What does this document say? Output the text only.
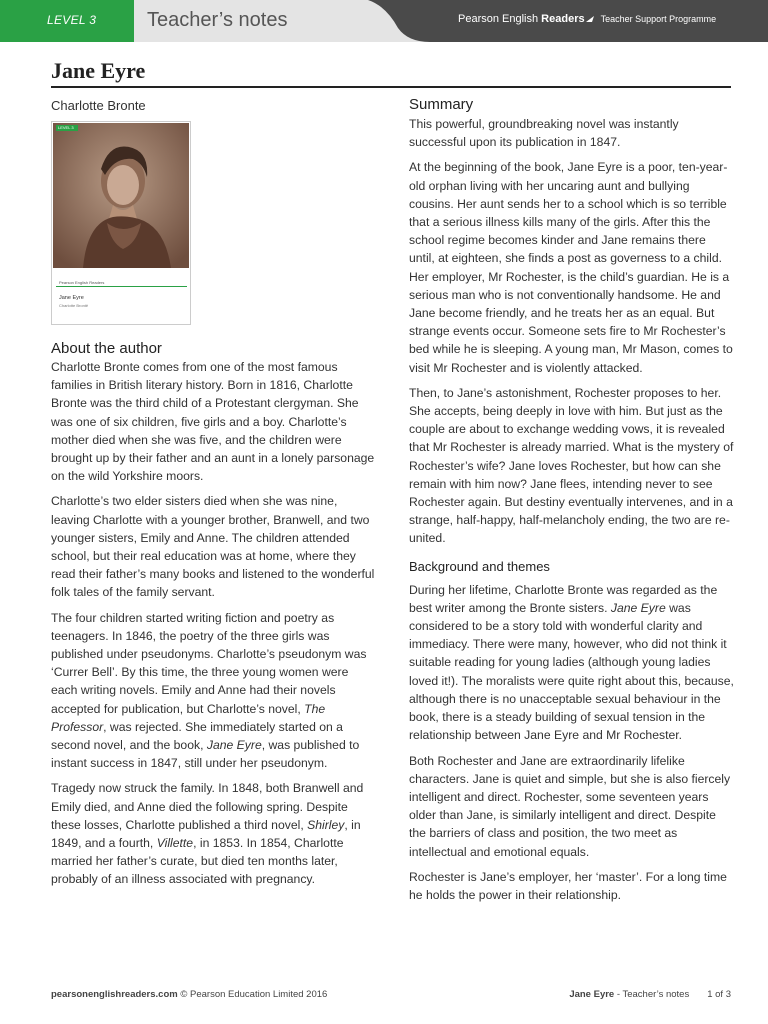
LEVEL 3	Teacher’s notes	Pearson English Readers Teacher Support Programme
Jane Eyre
Charlotte Bronte
LEVEL 3
Pearson English Readers
Jane Eyre
Charlotte Brontë
About the author

Charlotte Bronte comes from one of the most famous families in British literary history. Born in 1816, Charlotte Bronte was the third child of a Protestant clergyman. She was one of six children, five girls and a boy. Charlotte’s mother died when she was five, and the children were brought up by their father and an aunt in a lonely parsonage on the wild Yorkshire moors.

Charlotte’s two elder sisters died when she was nine, leaving Charlotte with a younger brother, Branwell, and two younger sisters, Emily and Anne. The children attended school, but their real education was at home, where they read their father’s many books and listened to the wonderful folk tales of the family servant.

The four children started writing fiction and poetry as teenagers. In 1846, the poetry of the three girls was published under pseudonyms. Charlotte’s pseudonym was ‘Currer Bell’. By this time, the three young women were each writing novels. Emily and Anne had their novels accepted for publication, but Charlotte’s novel, The Professor, was rejected. She immediately started on a second novel, and the book, Jane Eyre, was published to instant success in 1847, still under her pseudonym.

Tragedy now struck the family. In 1848, both Branwell and Emily died, and Anne died the following spring. Despite these losses, Charlotte published a third novel, Shirley, in 1849, and a fourth, Villette, in 1853. In 1854, Charlotte married her father’s curate, but died ten months later, probably of an illness associated with pregnancy.

Summary

This powerful, groundbreaking novel was instantly successful upon its publication in 1847.

At the beginning of the book, Jane Eyre is a poor, ten-year-old orphan living with her uncaring aunt and bullying cousins. Her aunt sends her to a school which is so terrible that a serious illness kills many of the girls. After this the school regime becomes kinder and Jane remains there until, at eighteen, she finds a post as governess to a child. Her employer, Mr Rochester, is the child’s guardian. He is a serious man who is not conventionally handsome. He and Jane become friendly, and he treats her as an equal. But strange events occur. Someone sets fire to Mr Rochester’s bed while he is sleeping. A young man, Mr Mason, comes to visit Mr Rochester and is violently attacked.

Then, to Jane’s astonishment, Rochester proposes to her. She accepts, being deeply in love with him. But just as the couple are about to exchange wedding vows, it is revealed that Mr Rochester is already married. What is the mystery of Rochester’s wife? Jane loves Rochester, but how can she remain with him now? Jane flees, intending never to see Rochester again. But destiny eventually intervenes, and in a strange, half-happy, half-melancholy ending, the two are re-united.

Background and themes

During her lifetime, Charlotte Bronte was regarded as the best writer among the Bronte sisters. Jane Eyre was considered to be a story told with wonderful clarity and immediacy. There were many, however, who did not think it suitable reading for young ladies (although young ladies loved it!). The moralists were quite right about this, because, although there is no unacceptable sexual behaviour in the book, there is a steady building of sexual tension in the relationship between Jane Eyre and Mr Rochester.

Both Rochester and Jane are extraordinarily lifelike characters. Jane is quiet and simple, but she is also fiercely intelligent and direct. Rochester, some seventeen years older than Jane, is similarly intelligent and direct. Despite the barriers of class and position, the two meet as intellectual and emotional equals.

Rochester is Jane’s employer, her ‘master’. For a long time he holds the power in their relationship.

pearsonenglishreaders.com © Pearson Education Limited 2016	Jane Eyre - Teacher’s notes 1 of 3
